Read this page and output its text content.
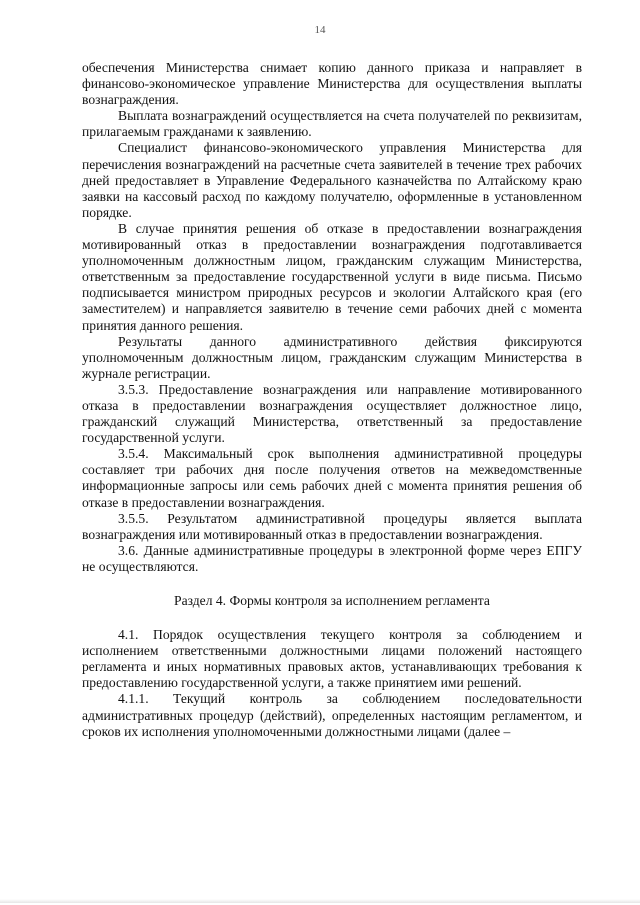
14

обеспечения Министерства снимает копию данного приказа и направляет в финансово-экономическое управление Министерства для осуществления выплаты вознаграждения.

Выплата вознаграждений осуществляется на счета получателей по реквизитам, прилагаемым гражданами к заявлению.

Специалист финансово-экономического управления Министерства для перечисления вознаграждений на расчетные счета заявителей в течение трех рабочих дней предоставляет в Управление Федерального казначейства по Алтайскому краю заявки на кассовый расход по каждому получателю, оформленные в установленном порядке.

В случае принятия решения об отказе в предоставлении вознаграждения мотивированный отказ в предоставлении вознаграждения подготавливается уполномоченным должностным лицом, гражданским служащим Министерства, ответственным за предоставление государственной услуги в виде письма. Письмо подписывается министром природных ресурсов и экологии Алтайского края (его заместителем) и направляется заявителю в течение семи рабочих дней с момента принятия данного решения.

Результаты данного административного действия фиксируются уполномоченным должностным лицом, гражданским служащим Министерства в журнале регистрации.

3.5.3. Предоставление вознаграждения или направление мотивированного отказа в предоставлении вознаграждения осуществляет должностное лицо, гражданский служащий Министерства, ответственный за предоставление государственной услуги.

3.5.4. Максимальный срок выполнения административной процедуры составляет три рабочих дня после получения ответов на межведомственные информационные запросы или семь рабочих дней с момента принятия решения об отказе в предоставлении вознаграждения.

3.5.5. Результатом административной процедуры является выплата вознаграждения или мотивированный отказ в предоставлении вознаграждения.

3.6. Данные административные процедуры в электронной форме через ЕПГУ не осуществляются.

Раздел 4. Формы контроля за исполнением регламента

4.1. Порядок осуществления текущего контроля за соблюдением и исполнением ответственными должностными лицами положений настоящего регламента и иных нормативных правовых актов, устанавливающих требования к предоставлению государственной услуги, а также принятием ими решений.

4.1.1. Текущий контроль за соблюдением последовательности административных процедур (действий), определенных настоящим регламентом, и сроков их исполнения уполномоченными должностными лицами (далее –
